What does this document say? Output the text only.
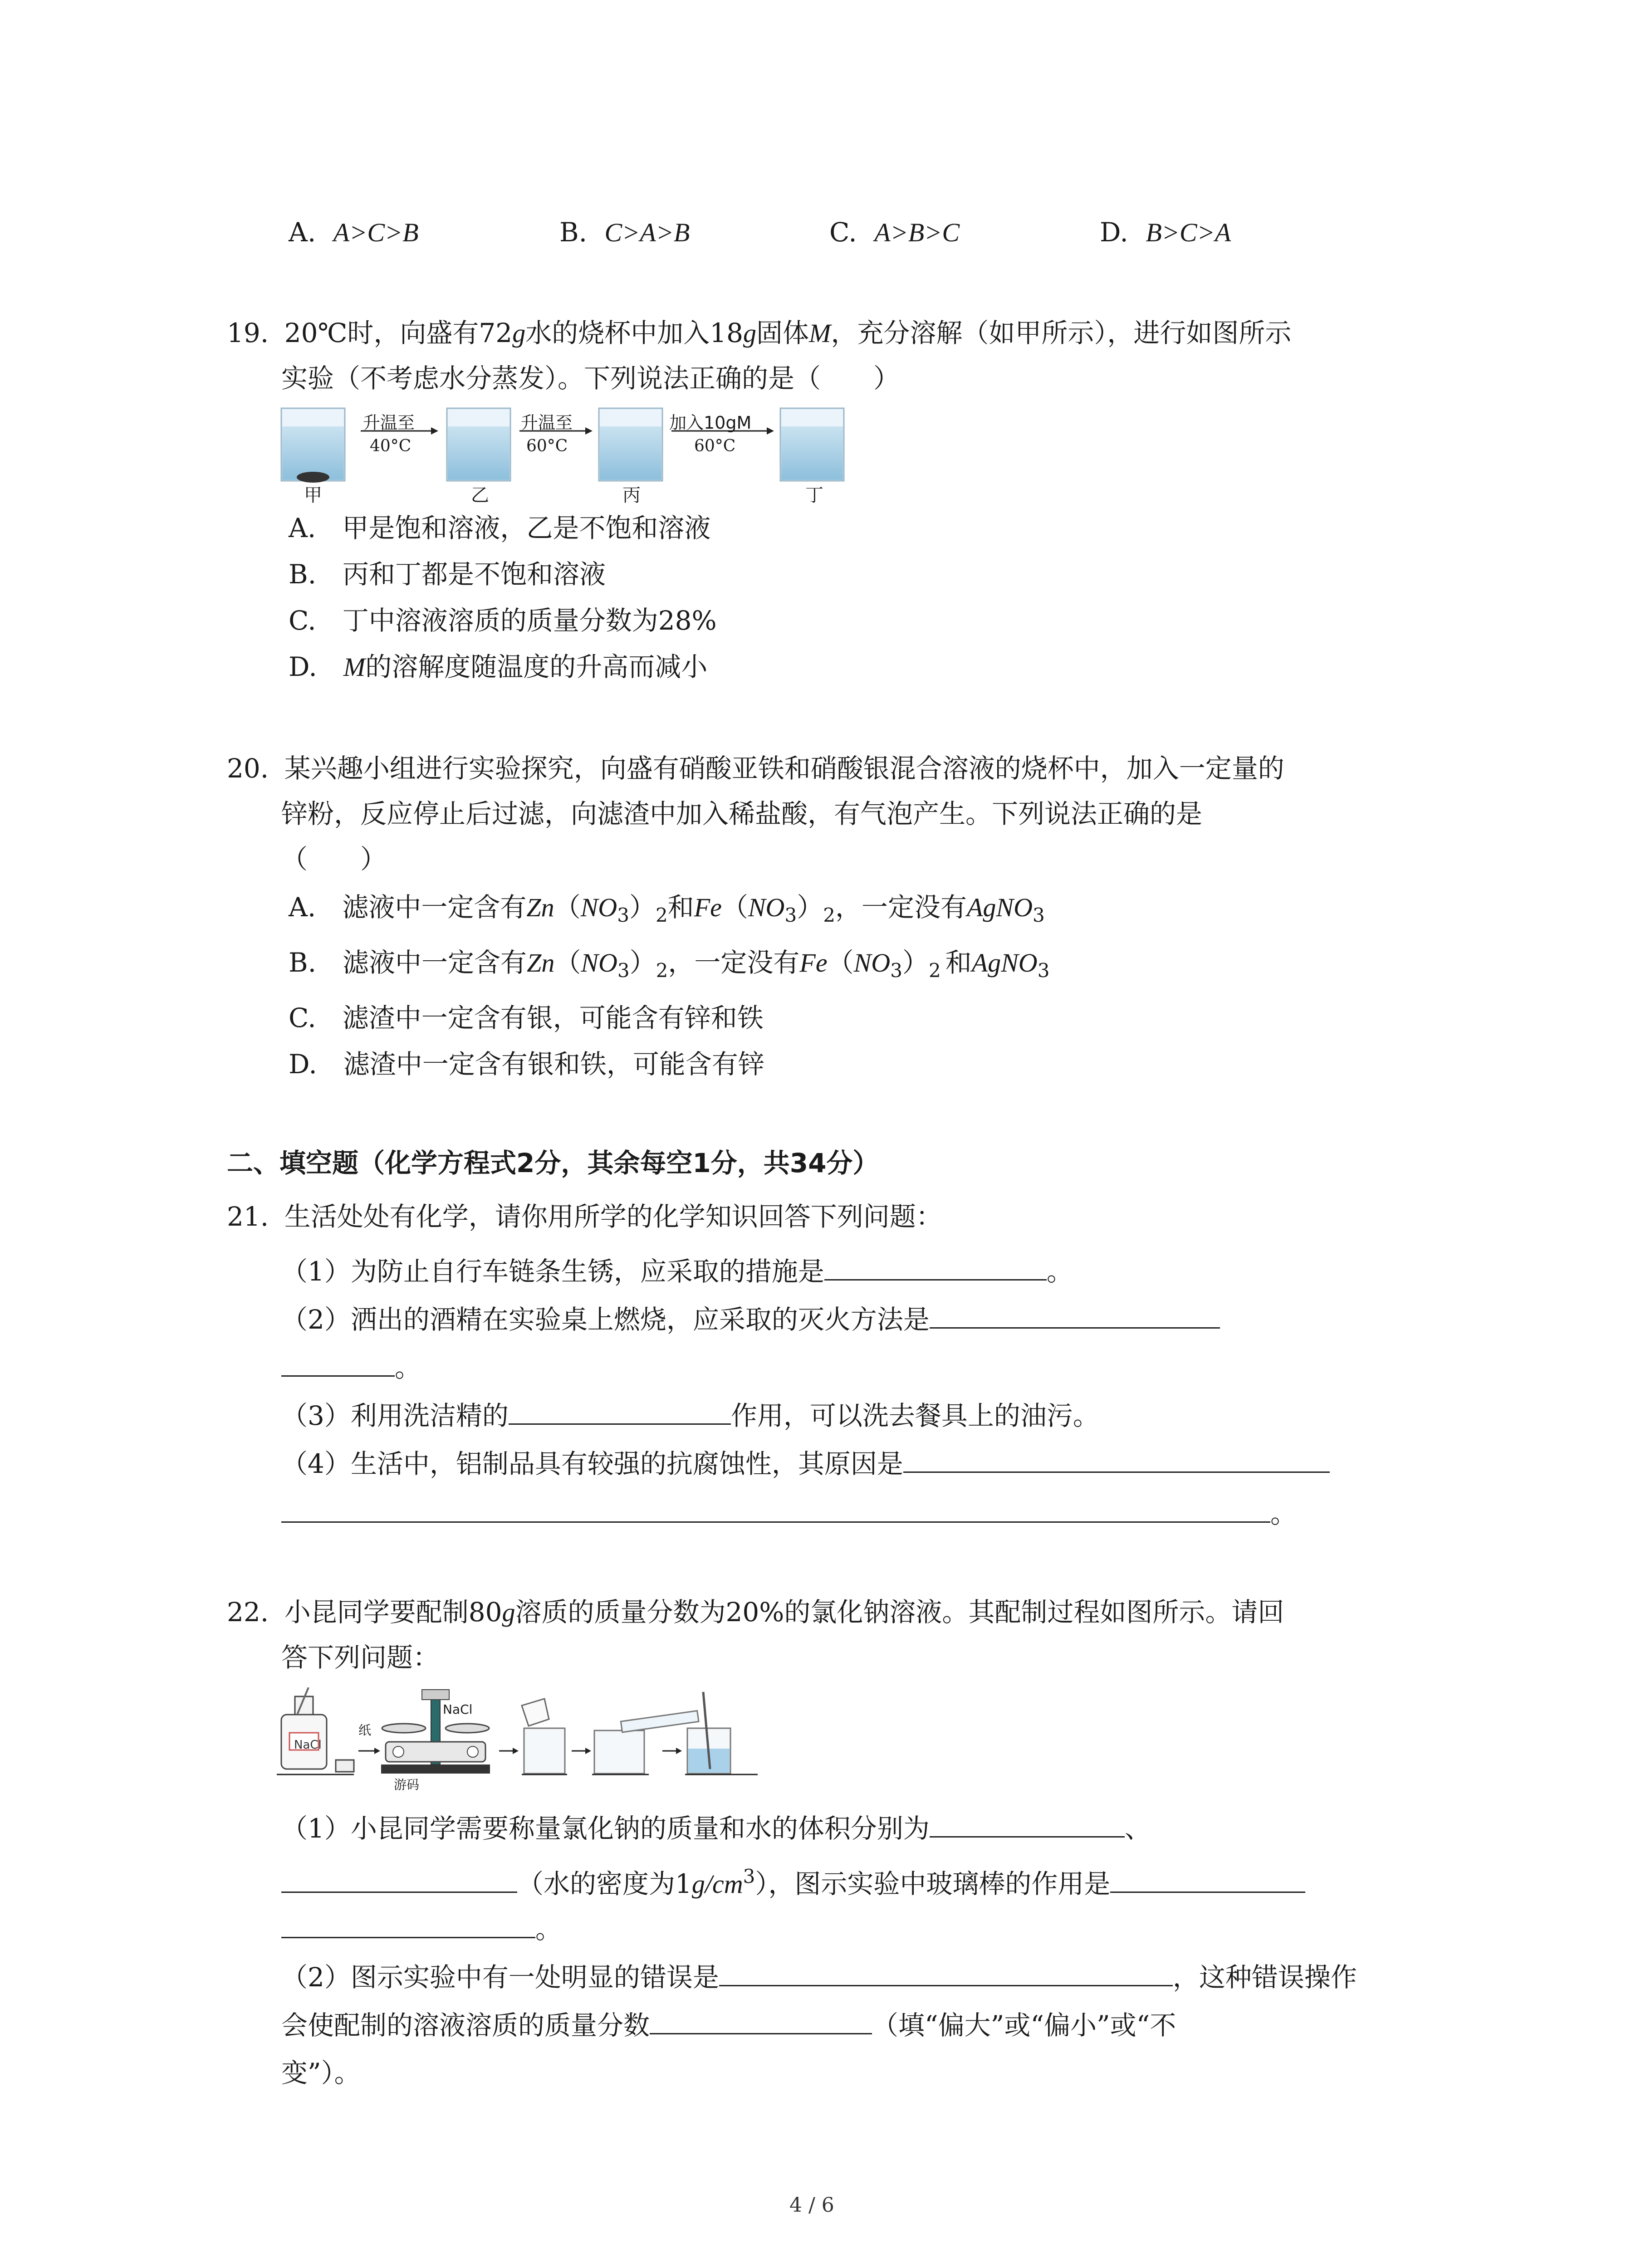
A. A>C>B	B. C>A>B	C. A>B>C	D. B>C>A
19. 20℃时，向盛有72g水的烧杯中加入18g固体M，充分溶解（如甲所示），进行如图所示
实验（不考虑水分蒸发）。下列说法正确的是（　　）
升温至
40°C
升温至
60°C
加入10gM
60°C
甲	乙	丙	丁
A.　甲是饱和溶液，乙是不饱和溶液
B.　丙和丁都是不饱和溶液
C.　丁中溶液溶质的质量分数为28%
D.　M的溶解度随温度的升高而减小
20. 某兴趣小组进行实验探究，向盛有硝酸亚铁和硝酸银混合溶液的烧杯中，加入一定量的
锌粉，反应停止后过滤，向滤渣中加入稀盐酸，有气泡产生。下列说法正确的是
（　　）
A.　滤液中一定含有$Zn(NO_3)_2$和$Fe(NO_3)_2$，一定没有AgNO$_3$
B.　滤液中一定含有$Zn(NO_3)_2$，一定没有$Fe(NO_3)_2$ 和AgNO$_3$
C.　滤渣中一定含有银，可能含有锌和铁
D.　滤渣中一定含有银和铁，可能含有锌
二、填空题（化学方程式2分，其余每空1分，共34分）
21. 生活处处有化学，请你用所学的化学知识回答下列问题：
（1）为防止自行车链条生锈，应采取的措施是	。
（2）洒出的酒精在实验桌上燃烧，应采取的灭火方法是
。
（3）利用洗洁精的	作用，可以洗去餐具上的油污。
（4）生活中，铝制品具有较强的抗腐蚀性，其原因是
。
22. 小昆同学要配制80g溶质的质量分数为20%的氯化钠溶液。其配制过程如图所示。请回
答下列问题：
NaCl
NaCl
纸
游码
（1）小昆同学需要称量氯化钠的质量和水的体积分别为	、
（水的密度为$1g/cm^3$），图示实验中玻璃棒的作用是
。
（2）图示实验中有一处明显的错误是	，这种错误操作
会使配制的溶液溶质的质量分数	（填“偏大”或“偏小”或“不
变”）。
4 / 6
